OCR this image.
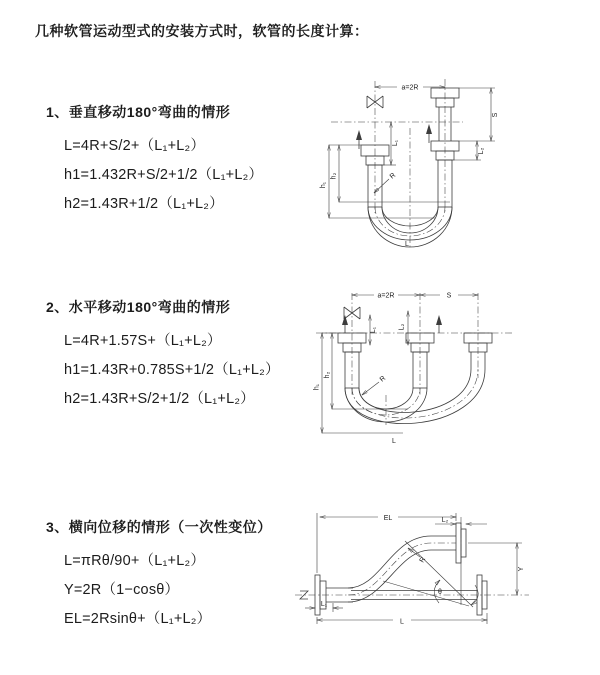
几种软管运动型式的安装方式时，软管的长度计算：
1、垂直移动180°弯曲的情形
L=4R+S/2+（L₁+L₂）
h1=1.432R+S/2+1/2（L₁+L₂）
h2=1.43R+1/2（L₁+L₂）
2、水平移动180°弯曲的情形
L=4R+1.57S+（L₁+L₂）
h1=1.43R+0.785S+1/2（L₁+L₂）
h2=1.43R+S/2+1/2（L₁+L₂）
3、横向位移的情形（一次性变位）
L=πRθ/90+（L₁+L₂）
Y=2R（1−cosθ）
EL=2Rsinθ+（L₁+L₂）
a=2R
h₁
h₂
L₁
S
L₂
R
L
a=2R	S
h₁
h₂
L₁	L₂
R
L
EL	L₂
Y
θ
R
L₁
L
